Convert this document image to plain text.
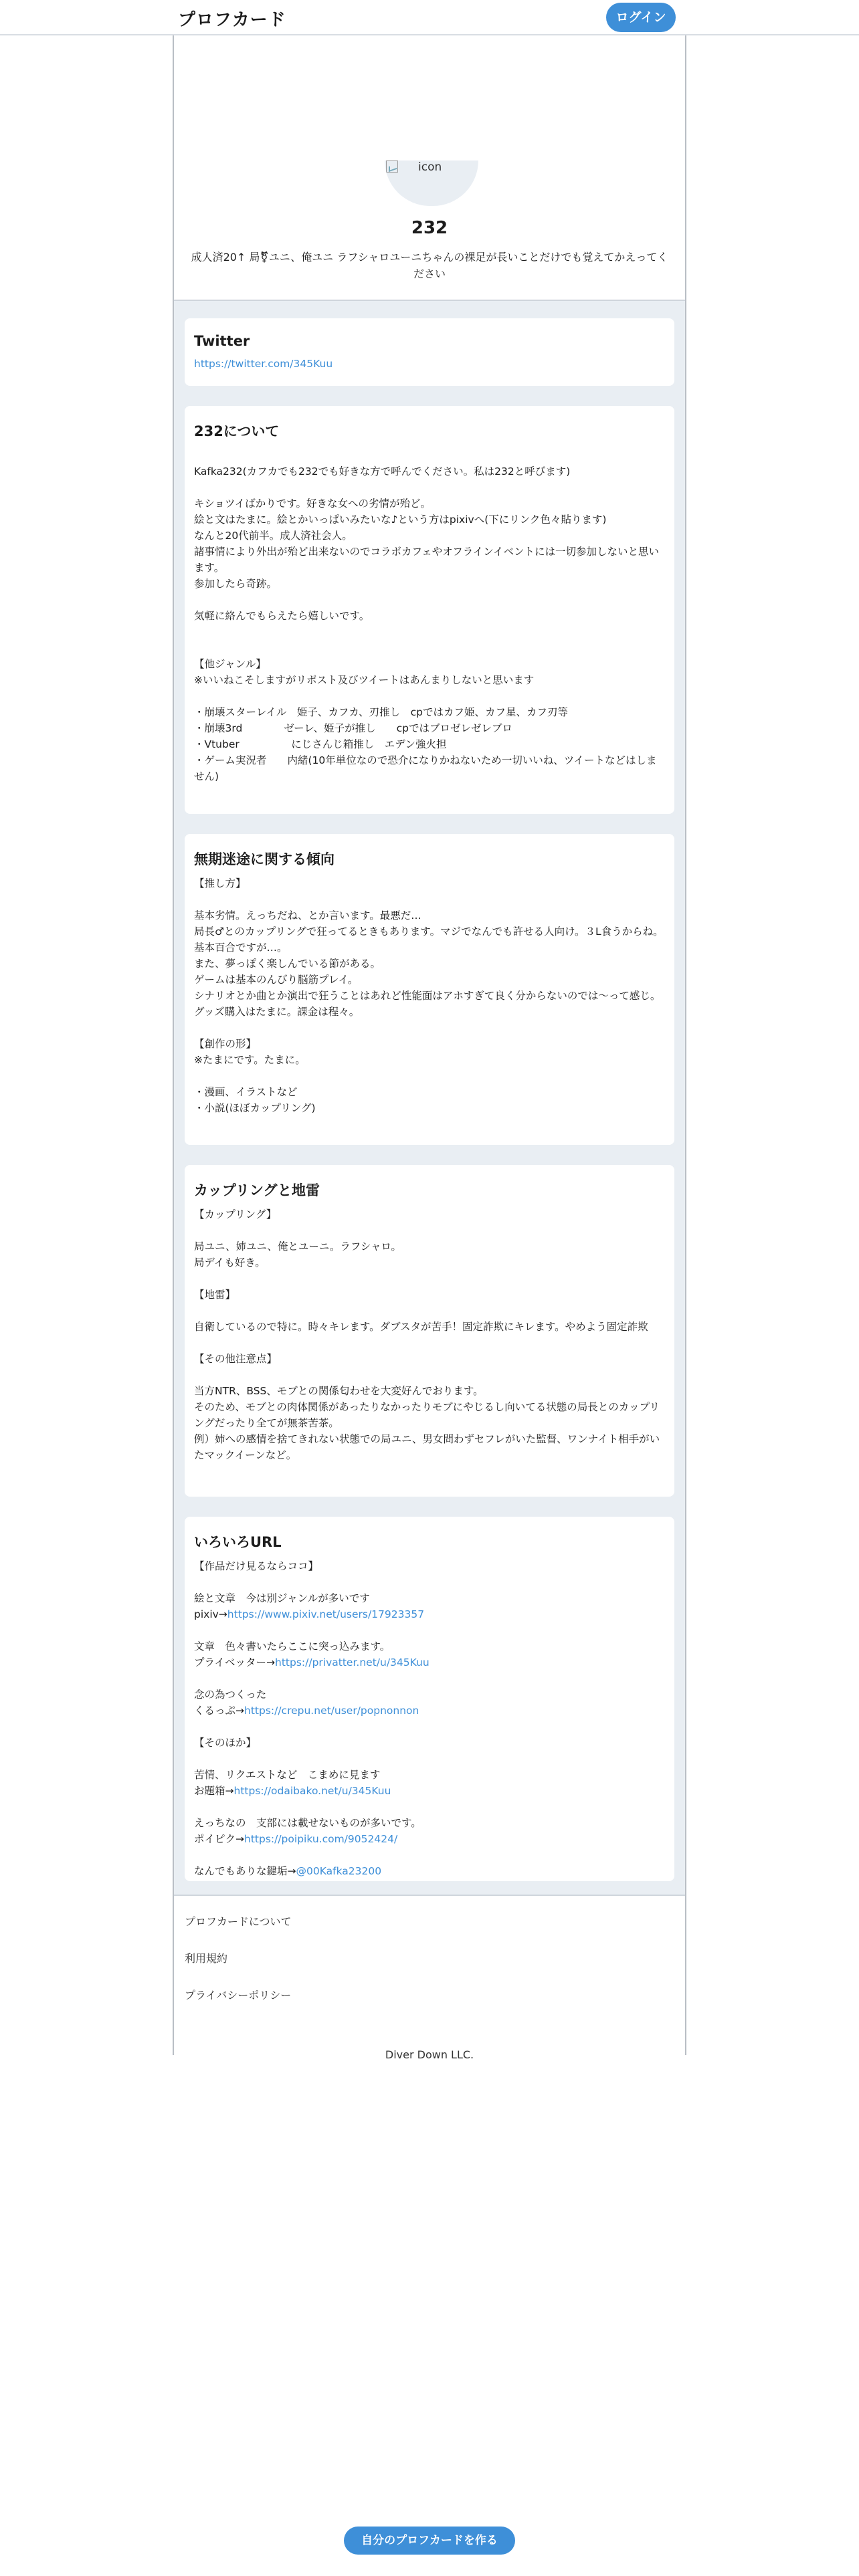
プロフカード	ログイン
icon
232
成人済20↑ 局⚧ユニ、俺ユニ ラフシャロユーニちゃんの裸足が長いことだけでも覚えてかえってください
Twitter
https://twitter.com/345Kuu
232について

Kafka232(カフカでも232でも好きな方で呼んでください。私は232と呼びます)

キショツイばかりです。好きな女への劣情が殆ど。
絵と文はたまに。絵とかいっぱいみたいな♪という方はpixivへ(下にリンク色々貼ります)
なんと20代前半。成人済社会人。
諸事情により外出が殆ど出来ないのでコラボカフェやオフラインイベントには一切参加しないと思います。
参加したら奇跡。

気軽に絡んでもらえたら嬉しいです。

【他ジャンル】
※いいねこそしますがリポスト及びツイートはあんまりしないと思います

・崩壊スターレイル　姫子、カフカ、刃推し　cpではカフ姫、カフ星、カフ刃等
・崩壊3rd　　　　ゼーレ、姫子が推し　　cpではブロゼレゼレブロ
・Vtuber　　　　　にじさんじ箱推し　エデン強火担
・ゲーム実況者　　内緒(10年単位なので恐介になりかねないため一切いいね、ツイートなどはしません)
無期迷途に関する傾向
【推し方】

基本劣情。えっちだね、とか言います。最悪だ…
局長♂とのカップリングで狂ってるときもあります。マジでなんでも許せる人向け。３L食うからね。基本百合ですが…。
また、夢っぽく楽しんでいる節がある。
ゲームは基本のんびり脳筋プレイ。
シナリオとか曲とか演出で狂うことはあれど性能面はアホすぎて良く分からないのでは～って感じ。
グッズ購入はたまに。課金は程々。

【創作の形】
※たまにです。たまに。

・漫画、イラストなど
・小説(ほぼカップリング)
カップリングと地雷
【カップリング】

局ユニ、姉ユニ、俺とユーニ。ラフシャロ。
局デイも好き。

【地雷】

自衛しているので特に。時々キレます。ダブスタが苦手！固定詐欺にキレます。やめよう固定詐欺

【その他注意点】

当方NTR、BSS、モブとの関係匂わせを大変好んでおります。
そのため、モブとの肉体関係があったりなかったりモブにやじるし向いてる状態の局長とのカップリングだったり全てが無茶苦茶。
例）姉への感情を捨てきれない状態での局ユニ、男女問わずセフレがいた監督、ワンナイト相手がいたマックイーンなど。

いろいろURL
【作品だけ見るならココ】

絵と文章　今は別ジャンルが多いです
pixiv→https://www.pixiv.net/users/17923357

文章　色々書いたらここに突っ込みます。
プライベッター→https://privatter.net/u/345Kuu

念の為つくった
くるっぷ→https://crepu.net/user/popnonnon

【そのほか】

苦情、リクエストなど　こまめに見ます
お題箱→https://odaibako.net/u/345Kuu

えっちなの　支部には載せないものが多いです。
ポイピク→https://poipiku.com/9052424/

なんでもありな鍵垢→@00Kafka23200
プロフカードについて
利用規約
プライバシーポリシー
Diver Down LLC.
自分のプロフカードを作る
